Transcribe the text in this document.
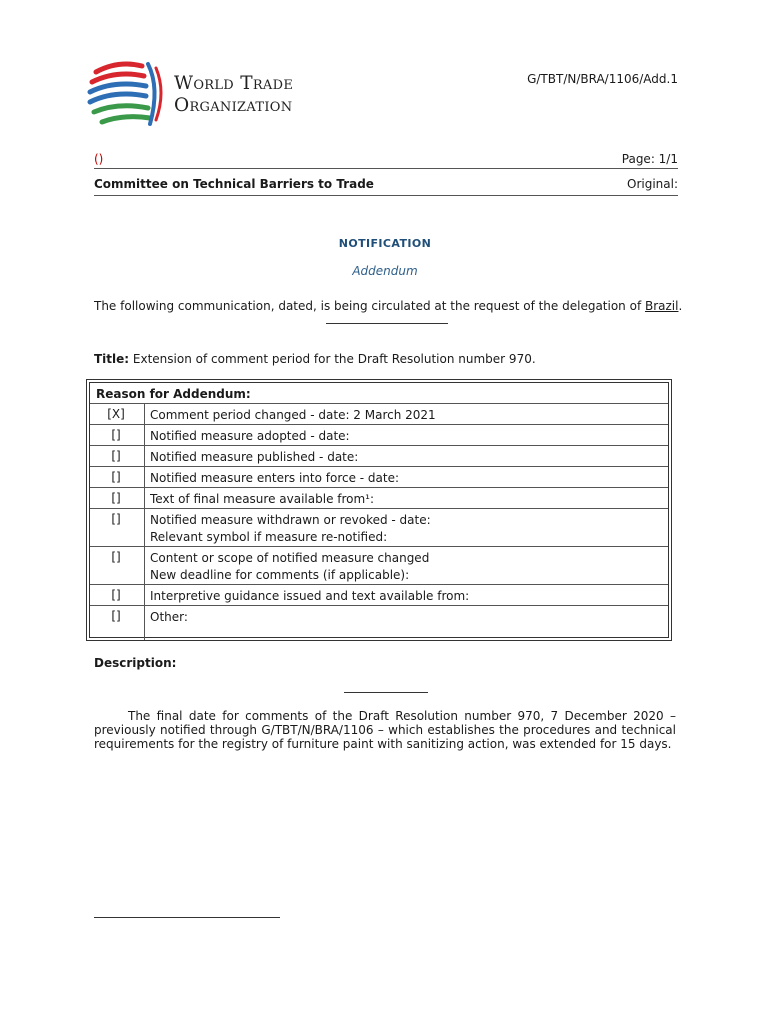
World Trade
Organization
G/TBT/N/BRA/1106/Add.1
()	Page: 1/1
Committee on Technical Barriers to Trade	Original:
NOTIFICATION
Addendum
The following communication, dated, is being circulated at the request of the delegation of Brazil.
Title: Extension of comment period for the Draft Resolution number 970.
Reason for Addendum:
[X]	Comment period changed - date: 2 March 2021
[]	Notified measure adopted - date:
[]	Notified measure published - date:
[]	Notified measure enters into force - date:
[]	Text of final measure available from¹:
[]	Notified measure withdrawn or revoked - date:
Relevant symbol if measure re-notified:
[]	Content or scope of notified measure changed
New deadline for comments (if applicable):
[]	Interpretive guidance issued and text available from:
[]	Other:
Description:
The final date for comments of the Draft Resolution number 970, 7 December 2020 – previously notified through G/TBT/N/BRA/1106 – which establishes the procedures and technical requirements for the registry of furniture paint with sanitizing action, was extended for 15 days.
